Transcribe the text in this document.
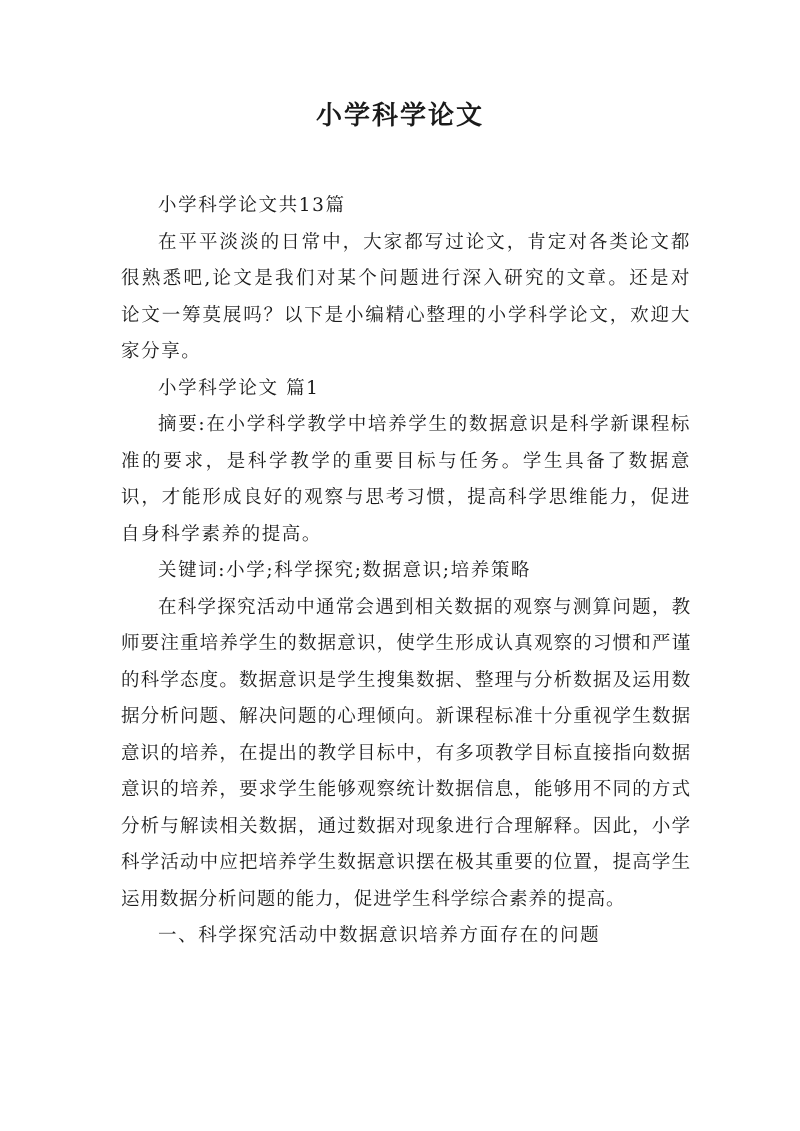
小学科学论文

小学科学论文共13篇

在平平淡淡的日常中，大家都写过论文，肯定对各类论文都很熟悉吧,论文是我们对某个问题进行深入研究的文章。还是对论文一筹莫展吗？以下是小编精心整理的小学科学论文，欢迎大家分享。

小学科学论文 篇1

摘要:在小学科学教学中培养学生的数据意识是科学新课程标准的要求，是科学教学的重要目标与任务。学生具备了数据意识，才能形成良好的观察与思考习惯，提高科学思维能力，促进自身科学素养的提高。

关键词:小学;科学探究;数据意识;培养策略

在科学探究活动中通常会遇到相关数据的观察与测算问题，教师要注重培养学生的数据意识，使学生形成认真观察的习惯和严谨的科学态度。数据意识是学生搜集数据、整理与分析数据及运用数据分析问题、解决问题的心理倾向。新课程标准十分重视学生数据意识的培养，在提出的教学目标中，有多项教学目标直接指向数据意识的培养，要求学生能够观察统计数据信息，能够用不同的方式分析与解读相关数据，通过数据对现象进行合理解释。因此，小学科学活动中应把培养学生数据意识摆在极其重要的位置，提高学生运用数据分析问题的能力，促进学生科学综合素养的提高。

一、科学探究活动中数据意识培养方面存在的问题
